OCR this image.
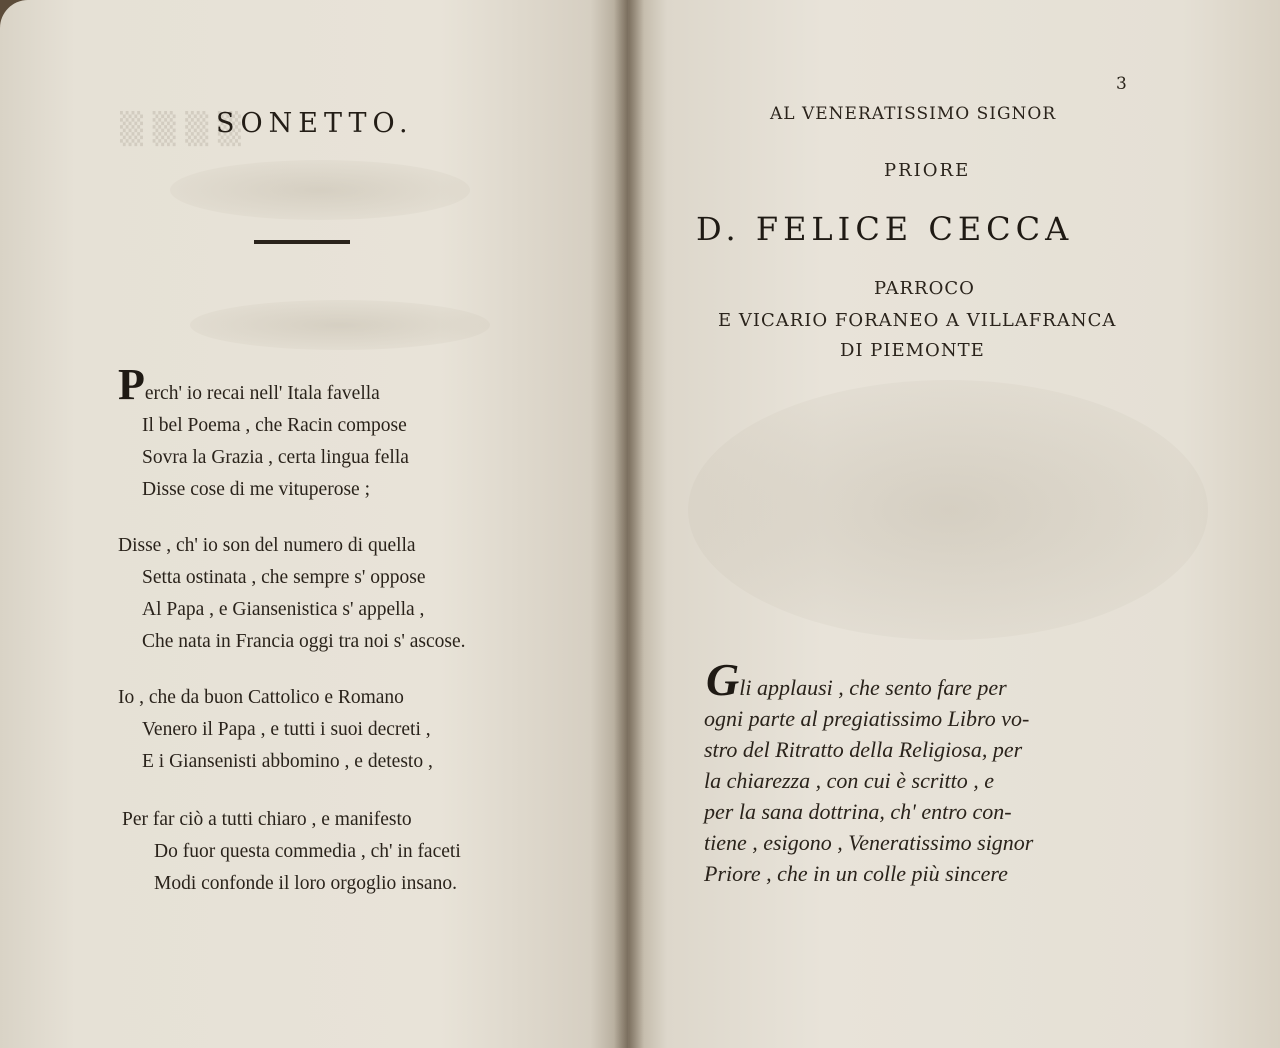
▒ ▒ ▒ ▒
SONETTO.
Perch' io recai nell' Itala favella
Il bel Poema , che Racin compose
Sovra la Grazia , certa lingua fella
Disse cose di me vituperose ;
Disse , ch' io son del numero di quella
Setta ostinata , che sempre s' oppose
Al Papa , e Giansenistica s' appella ,
Che nata in Francia oggi tra noi s' ascose.
Io , che da buon Cattolico e Romano
Venero il Papa , e tutti i suoi decreti ,
E i Giansenisti abbomino , e detesto ,
Per far ciò a tutti chiaro , e manifesto
Do fuor questa commedia , ch' in faceti
Modi confonde il loro orgoglio insano.
3
AL VENERATISSIMO SIGNOR
PRIORE
D. FELICE CECCA
PARROCO
E VICARIO FORANEO A VILLAFRANCA
DI PIEMONTE
Gli applausi , che sento fare per
ogni parte al pregiatissimo Libro vo-
stro del Ritratto della Religiosa, per
la chiarezza , con cui è scritto , e
per la sana dottrina, ch' entro con-
tiene , esigono , Veneratissimo signor
Priore , che in un colle più sincere
